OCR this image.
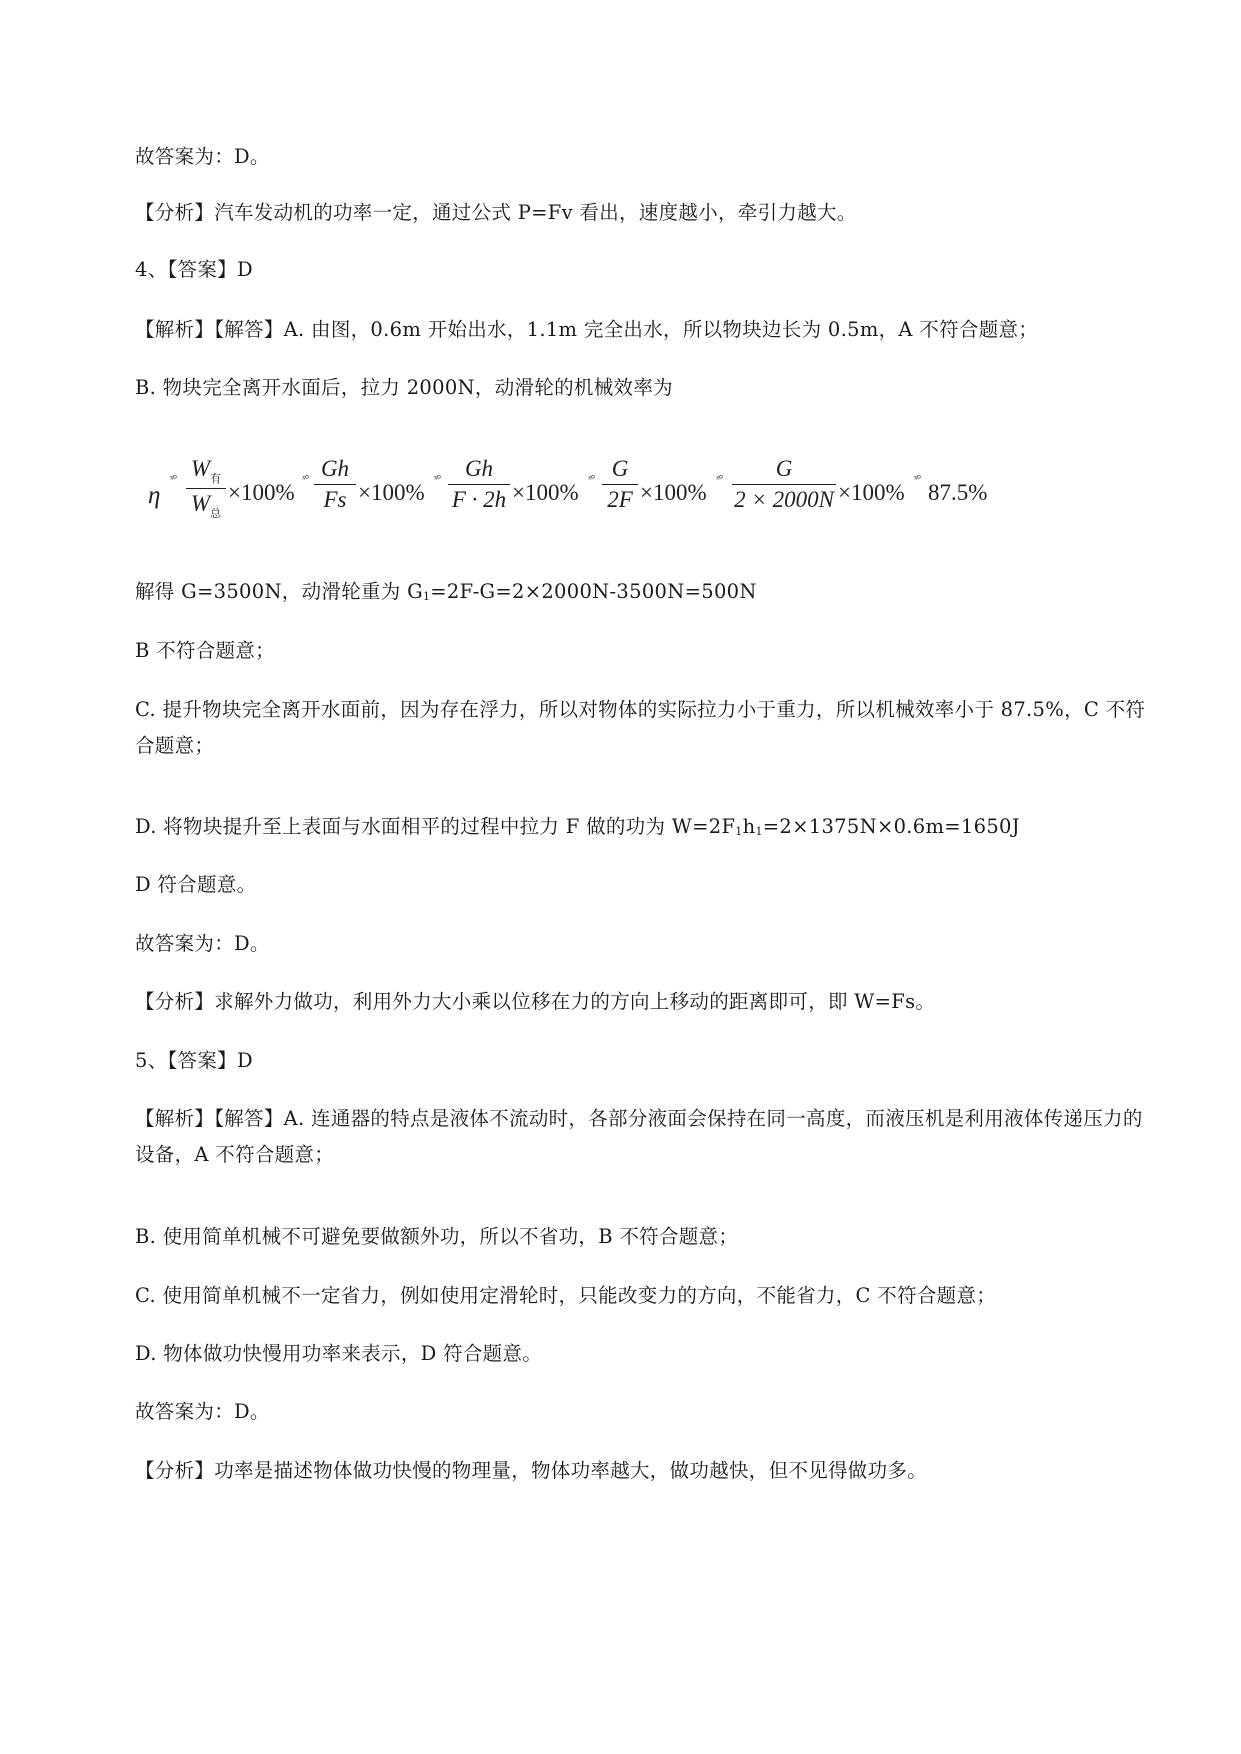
故答案为：D。
【分析】汽车发动机的功率一定，通过公式 P=Fv 看出，速度越小，牵引力越大。
4、【答案】D
【解析】【解答】A. 由图，0.6m 开始出水，1.1m 完全出水，所以物块边长为 0.5m，A 不符合题意；
B. 物块完全离开水面后，拉力 2000N，动滑轮的机械效率为
η
ˣ° $W_有$
$W_总$
×100%
ˣ° Gh
Fs ×100%
ˣ°	Gh
F · 2h ×100%
ˣ° G
2F ×100%
ˣ°	G
2 × 2000N ×100%
ˣ°
87.5%
解得 G=3500N，动滑轮重为 $G_1=2F-G=2\times 2000N-3500N=500N$
B 不符合题意；
C. 提升物块完全离开水面前，因为存在浮力，所以对物体的实际拉力小于重力，所以机械效率小于 87.5%，C 不符合题意；
D. 将物块提升至上表面与水面相平的过程中拉力 F 做的功为 $W=2F_1h_1=2\times 1375N\times 0.6m=1650J$
D 符合题意。
故答案为：D。
【分析】求解外力做功，利用外力大小乘以位移在力的方向上移动的距离即可，即 W=Fs。
5、【答案】D
【解析】【解答】A. 连通器的特点是液体不流动时，各部分液面会保持在同一高度，而液压机是利用液体传递压力的设备，A 不符合题意；
B. 使用简单机械不可避免要做额外功，所以不省功，B 不符合题意；
C. 使用简单机械不一定省力，例如使用定滑轮时，只能改变力的方向，不能省力，C 不符合题意；
D. 物体做功快慢用功率来表示，D 符合题意。
故答案为：D。
【分析】功率是描述物体做功快慢的物理量，物体功率越大，做功越快，但不见得做功多。
